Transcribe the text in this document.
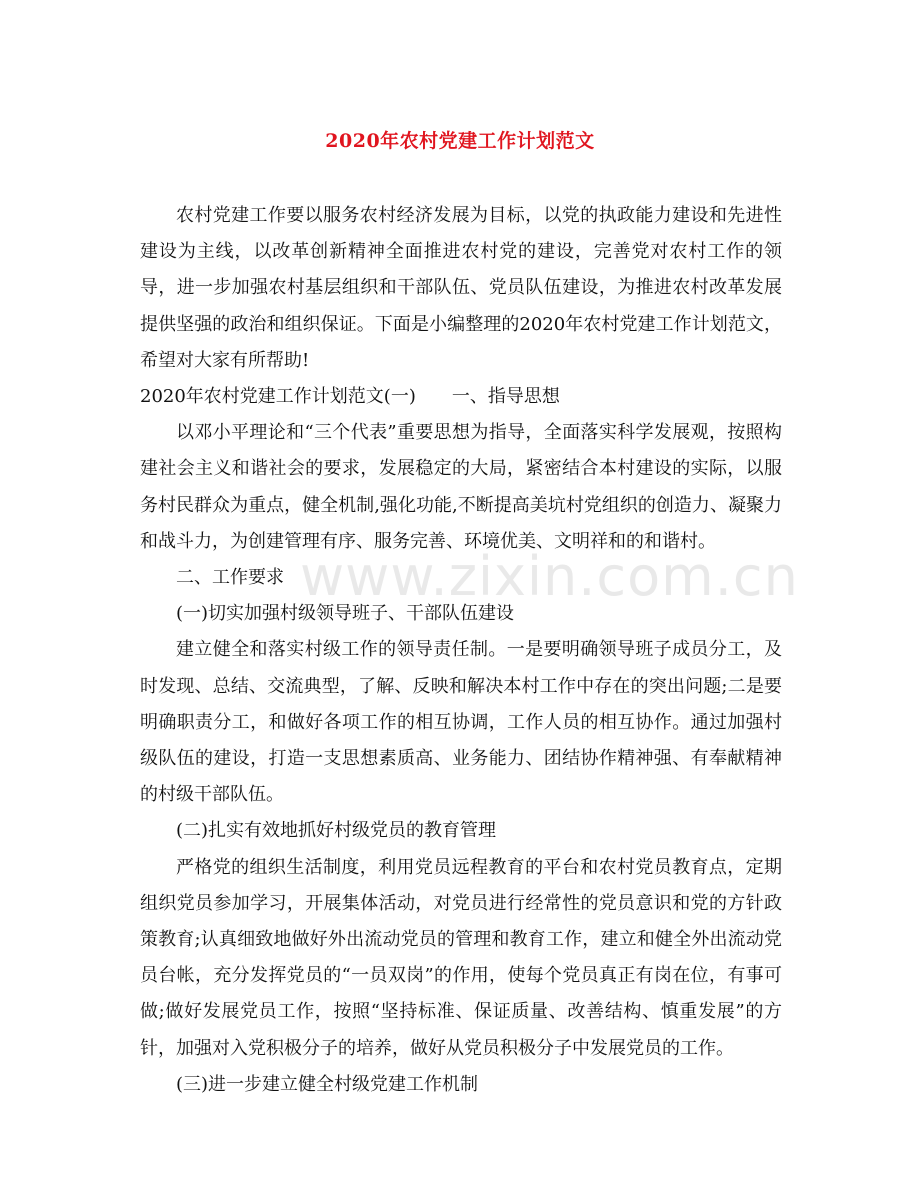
www.zixin.com.cn
2020年农村党建工作计划范文

农村党建工作要以服务农村经济发展为目标，以党的执政能力建设和先进性建设为主线，以改革创新精神全面推进农村党的建设，完善党对农村工作的领导，进一步加强农村基层组织和干部队伍、党员队伍建设，为推进农村改革发展提供坚强的政治和组织保证。下面是小编整理的2020年农村党建工作计划范文，希望对大家有所帮助!

2020年农村党建工作计划范文(一)　　一、指导思想

以邓小平理论和“三个代表”重要思想为指导，全面落实科学发展观，按照构建社会主义和谐社会的要求，发展稳定的大局，紧密结合本村建设的实际，以服务村民群众为重点，健全机制,强化功能,不断提高美坑村党组织的创造力、凝聚力和战斗力，为创建管理有序、服务完善、环境优美、文明祥和的和谐村。

二、工作要求

(一)切实加强村级领导班子、干部队伍建设

建立健全和落实村级工作的领导责任制。一是要明确领导班子成员分工，及时发现、总结、交流典型，了解、反映和解决本村工作中存在的突出问题;二是要明确职责分工，和做好各项工作的相互协调，工作人员的相互协作。通过加强村级队伍的建设，打造一支思想素质高、业务能力、团结协作精神强、有奉献精神的村级干部队伍。

(二)扎实有效地抓好村级党员的教育管理

严格党的组织生活制度，利用党员远程教育的平台和农村党员教育点，定期组织党员参加学习，开展集体活动，对党员进行经常性的党员意识和党的方针政策教育;认真细致地做好外出流动党员的管理和教育工作，建立和健全外出流动党员台帐，充分发挥党员的“一员双岗”的作用，使每个党员真正有岗在位，有事可做;做好发展党员工作，按照“坚持标准、保证质量、改善结构、慎重发展”的方针，加强对入党积极分子的培养，做好从党员积极分子中发展党员的工作。

(三)进一步建立健全村级党建工作机制
